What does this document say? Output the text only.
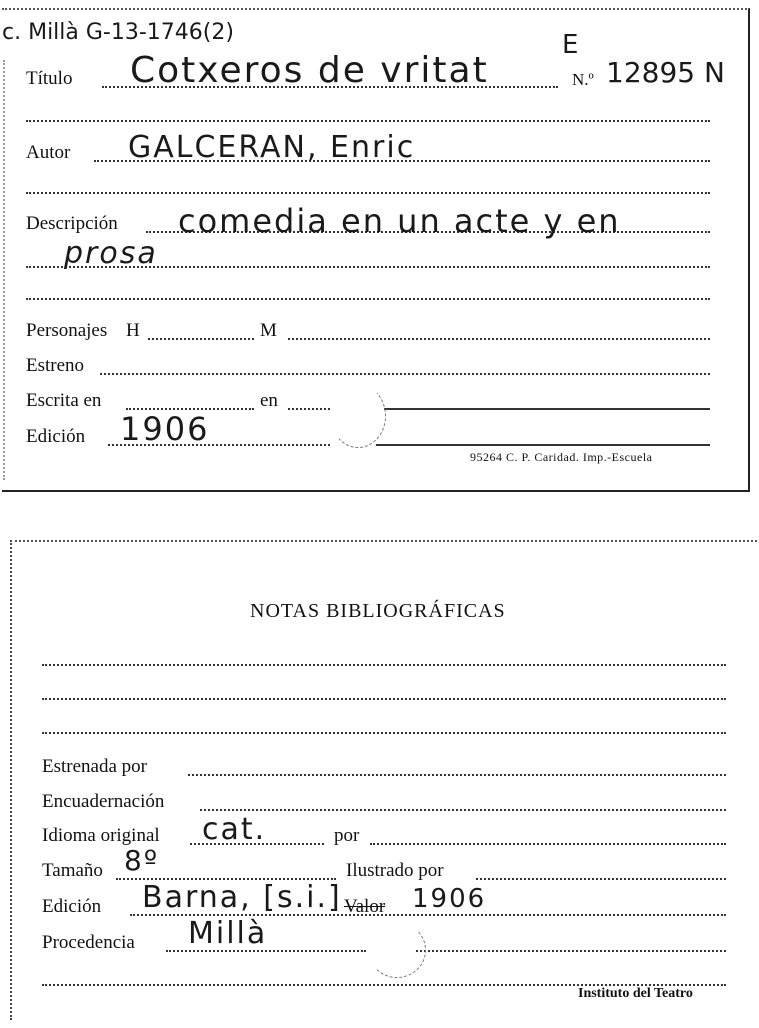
c. Millà G-13-1746(2)	E
Título Cotxeros de vritat	N.º 12895 N
Autor GALCERAN, Enric
Descripción comedia en un acte y en
prosa
Personajes H	M
Estreno
Escrita en	en
Edición 1906
95264 C. P. Caridad. Imp.-Escuela
NOTAS BIBLIOGRÁFICAS
Estrenada por
Encuadernación
Idioma original cat.	por
Tamaño 8º	Ilustrado por
Edición Barna, [s.i.] Valor 1906
Procedencia Millà
Instituto del Teatro
